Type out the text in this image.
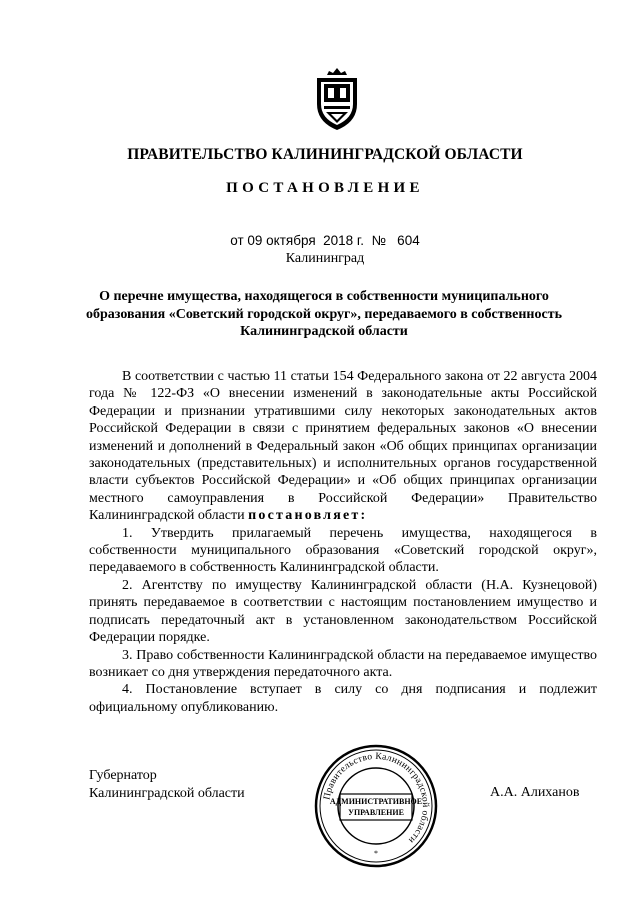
ПРАВИТЕЛЬСТВО КАЛИНИНГРАДСКОЙ ОБЛАСТИ
ПОСТАНОВЛЕНИЕ
от 09 октября  2018 г.  №   604
Калининград
О перечне имущества, находящегося в собственности муниципального образования «Советский городской округ», передаваемого в собственность Калининградской области

В соответствии с частью 11 статьи 154 Федерального закона от 22 августа 2004 года № 122-ФЗ «О внесении изменений в законодательные акты Российской Федерации и признании утратившими силу некоторых законодательных актов Российской Федерации в связи с принятием федеральных законов «О внесении изменений и дополнений в Федеральный закон «Об общих принципах организации законодательных (представительных) и исполнительных органов государственной власти субъектов Российской Федерации» и «Об общих принципах организации местного самоуправления в Российской Федерации» Правительство Калининградской области постановляет:

1. Утвердить прилагаемый перечень имущества, находящегося в собственности муниципального образования «Советский городской округ», передаваемого в собственность Калининградской области.

2. Агентству по имуществу Калининградской области (Н.А. Кузнецовой) принять передаваемое в соответствии с настоящим постановлением имущество и подписать передаточный акт в установленном законодательством Российской Федерации порядке.

3. Право собственности Калининградской области на передаваемое имущество возникает со дня утверждения передаточного акта.

4. Постановление вступает в силу со дня подписания и подлежит официальному опубликованию.

Губернатор
Калининградской области	А.А. Алиханов
Правительство Калининградской области
АДМИНИСТРАТИВНОЕ
УПРАВЛЕНИЕ
*
